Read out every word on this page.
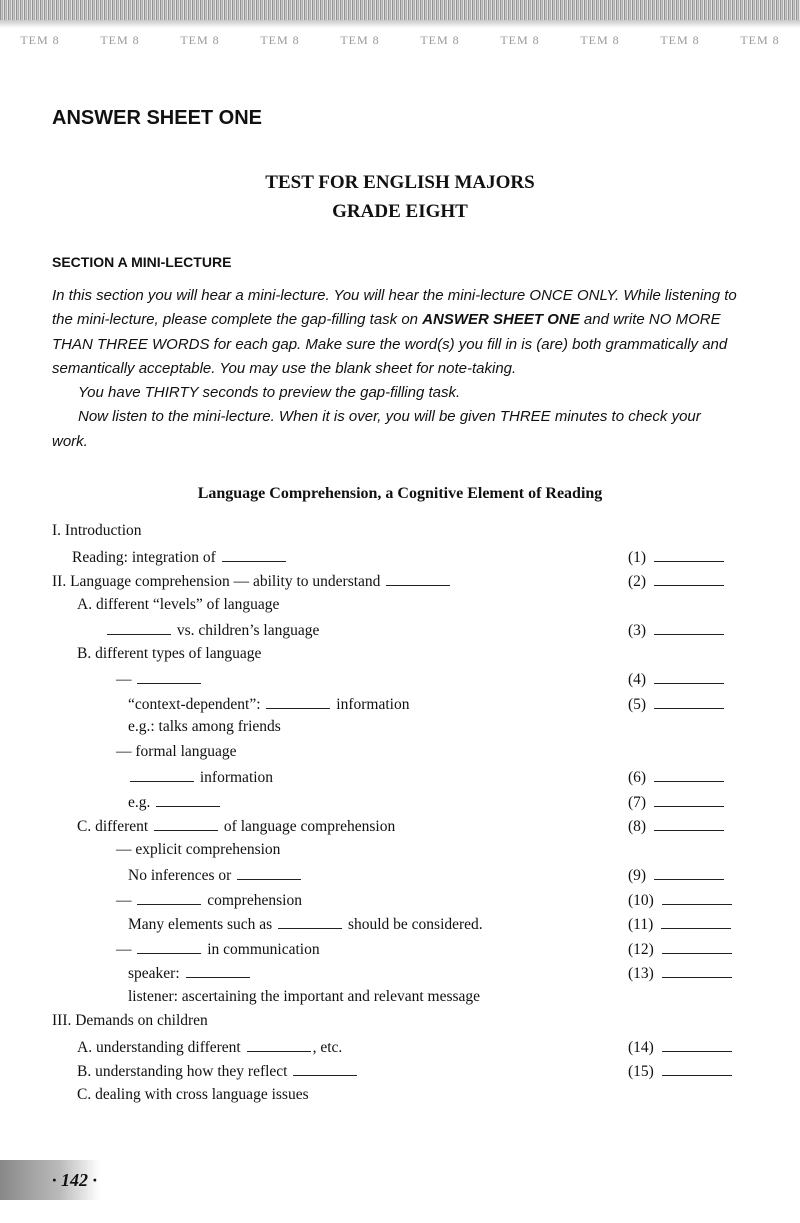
TEM 8	TEM 8	TEM 8	TEM 8	TEM 8	TEM 8	TEM 8	TEM 8	TEM 8	TEM 8
ANSWER SHEET ONE
TEST FOR ENGLISH MAJORS
GRADE EIGHT
SECTION A MINI-LECTURE

In this section you will hear a mini-lecture. You will hear the mini-lecture ONCE ONLY. While listening to the mini-lecture, please complete the gap-filling task on ANSWER SHEET ONE and write NO MORE THAN THREE WORDS for each gap. Make sure the word(s) you fill in is (are) both grammatically and semantically acceptable. You may use the blank sheet for note-taking.

You have THIRTY seconds to preview the gap-filling task.

Now listen to the mini-lecture. When it is over, you will be given THREE minutes to check your work.

Language Comprehension, a Cognitive Element of Reading
I. Introduction
Reading: integration of	(1)
II. Language comprehension — ability to understand	(2)
A. different “levels” of language
vs. children’s language	(3)
B. different types of language
—	(4)
“context-dependent”:	information	(5)
e.g.: talks among friends
— formal language
information	(6)
e.g.	(7)
C. different	of language comprehension	(8)
— explicit comprehension
No inferences or	(9)
—	comprehension	(10)
Many elements such as	should be considered.	(11)
—	in communication	(12)
speaker:	(13)
listener: ascertaining the important and relevant message
III. Demands on children
A. understanding different	, etc.	(14)
B. understanding how they reflect	(15)
C. dealing with cross language issues
· 142 ·
